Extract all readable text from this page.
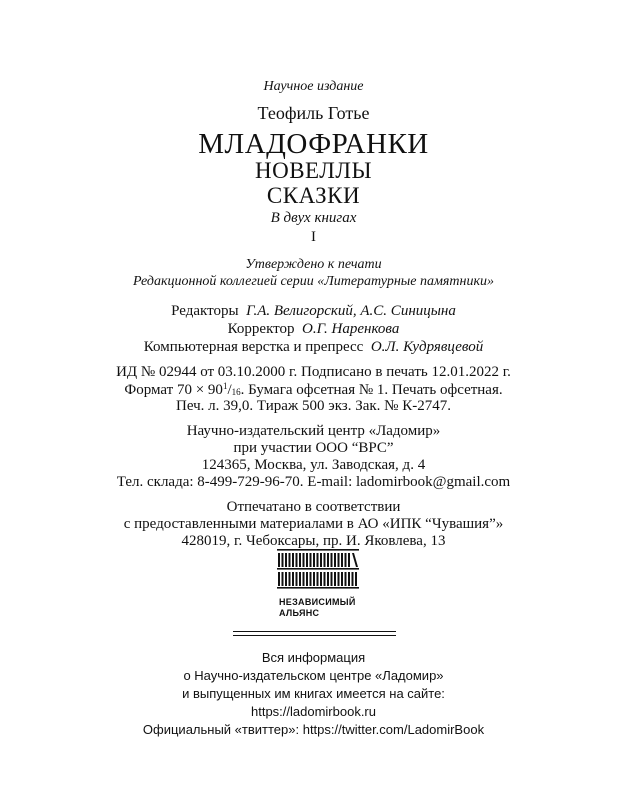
Научное издание
Теофиль Готье
МЛАДОФРАНКИ
НОВЕЛЛЫ
СКАЗКИ
В двух книгах
I
Утверждено к печати
Редакционной коллегией серии «Литературные памятники»
Редакторы Г.А. Велигорский, А.С. Синицына
Корректор О.Г. Наренкова
Компьютерная верстка и препресс О.Л. Кудрявцевой
ИД № 02944 от 03.10.2000 г. Подписано в печать 12.01.2022 г.
Формат $70 \times 90^1/_{16}$. Бумага офсетная № 1. Печать офсетная.
Печ. л. 39,0. Тираж 500 экз. Зак. № К-2747.
Научно-издательский центр «Ладомир»
при участии ООО “ВРС”
124365, Москва, ул. Заводская, д. 4
Тел. склада: 8-499-729-96-70. E-mail: ladomirbook@gmail.com
Отпечатано в соответствии
с предоставленными материалами в АО «ИПК “Чувашия”»
428019, г. Чебоксары, пр. И. Яковлева, 13
НЕЗАВИСИМЫЙ
АЛЬЯНС
Вся информация
о Научно-издательском центре «Ладомир»
и выпущенных им книгах имеется на сайте:
https://ladomirbook.ru
Официальный «твиттер»: https://twitter.com/LadomirBook
